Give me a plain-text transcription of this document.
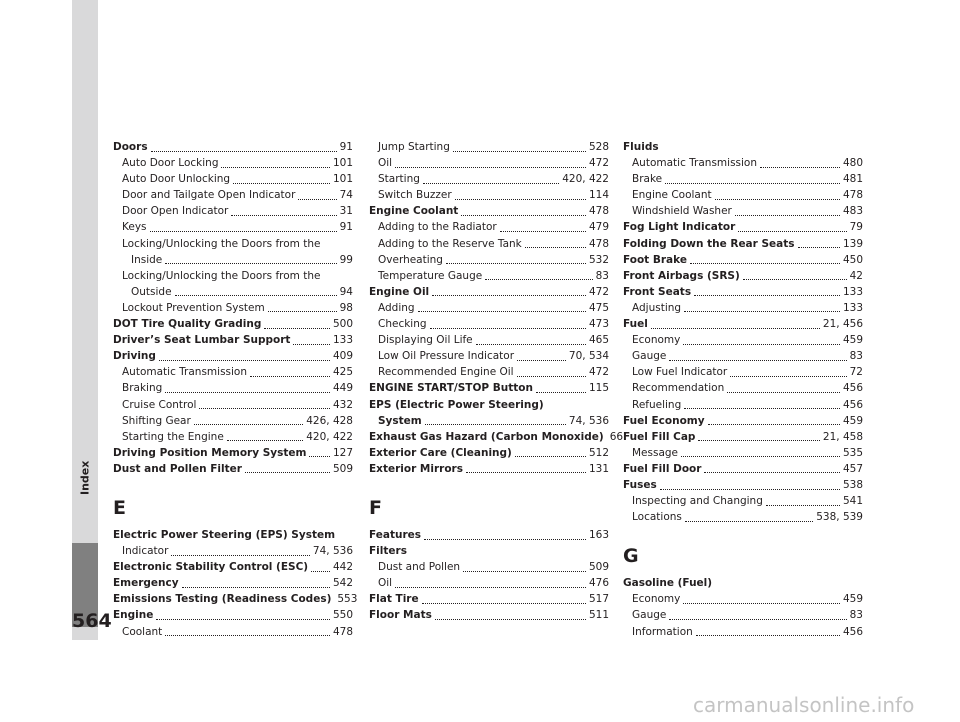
Index
Doors	91
Auto Door Locking	101
Auto Door Unlocking	101
Door and Tailgate Open Indicator	74
Door Open Indicator	31
Keys	91
Locking/Unlocking the Doors from the
Inside	99
Locking/Unlocking the Doors from the
Outside	94
Lockout Prevention System	98
DOT Tire Quality Grading	500
Driver’s Seat Lumbar Support	133
Driving	409
Automatic Transmission	425
Braking	449
Cruise Control	432
Shifting Gear	426, 428
Starting the Engine	420, 422
Driving Position Memory System	127
Dust and Pollen Filter	509
E
Electric Power Steering (EPS) System
Indicator	74, 536
Electronic Stability Control (ESC) 442
Emergency	542
Emissions Testing (Readiness Codes) 553
Engine	550
Coolant	478
Jump Starting	528
Oil	472
Starting	420, 422
Switch Buzzer	114
Engine Coolant	478
Adding to the Radiator	479
Adding to the Reserve Tank	478
Overheating	532
Temperature Gauge	83
Engine Oil	472
Adding	475
Checking	473
Displaying Oil Life	465
Low Oil Pressure Indicator	70, 534
Recommended Engine Oil	472
ENGINE START/STOP Button	115
EPS (Electric Power Steering)
System	74, 536
Exhaust Gas Hazard (Carbon Monoxide) 66
Exterior Care (Cleaning)	512
Exterior Mirrors	131
F
Features	163
Filters
Dust and Pollen	509
Oil	476
Flat Tire	517
Floor Mats	511
Fluids
Automatic Transmission	480
Brake	481
Engine Coolant	478
Windshield Washer	483
Fog Light Indicator	79
Folding Down the Rear Seats	139
Foot Brake	450
Front Airbags (SRS)	42
Front Seats	133
Adjusting	133
Fuel	21, 456
Economy	459
Gauge	83
Low Fuel Indicator	72
Recommendation	456
Refueling	456
Fuel Economy	459
Fuel Fill Cap	21, 458
Message	535
Fuel Fill Door	457
Fuses	538
Inspecting and Changing	541
Locations	538, 539
G
Gasoline (Fuel)
Economy	459
Gauge	83
Information	456
564
carmanualsonline.info
